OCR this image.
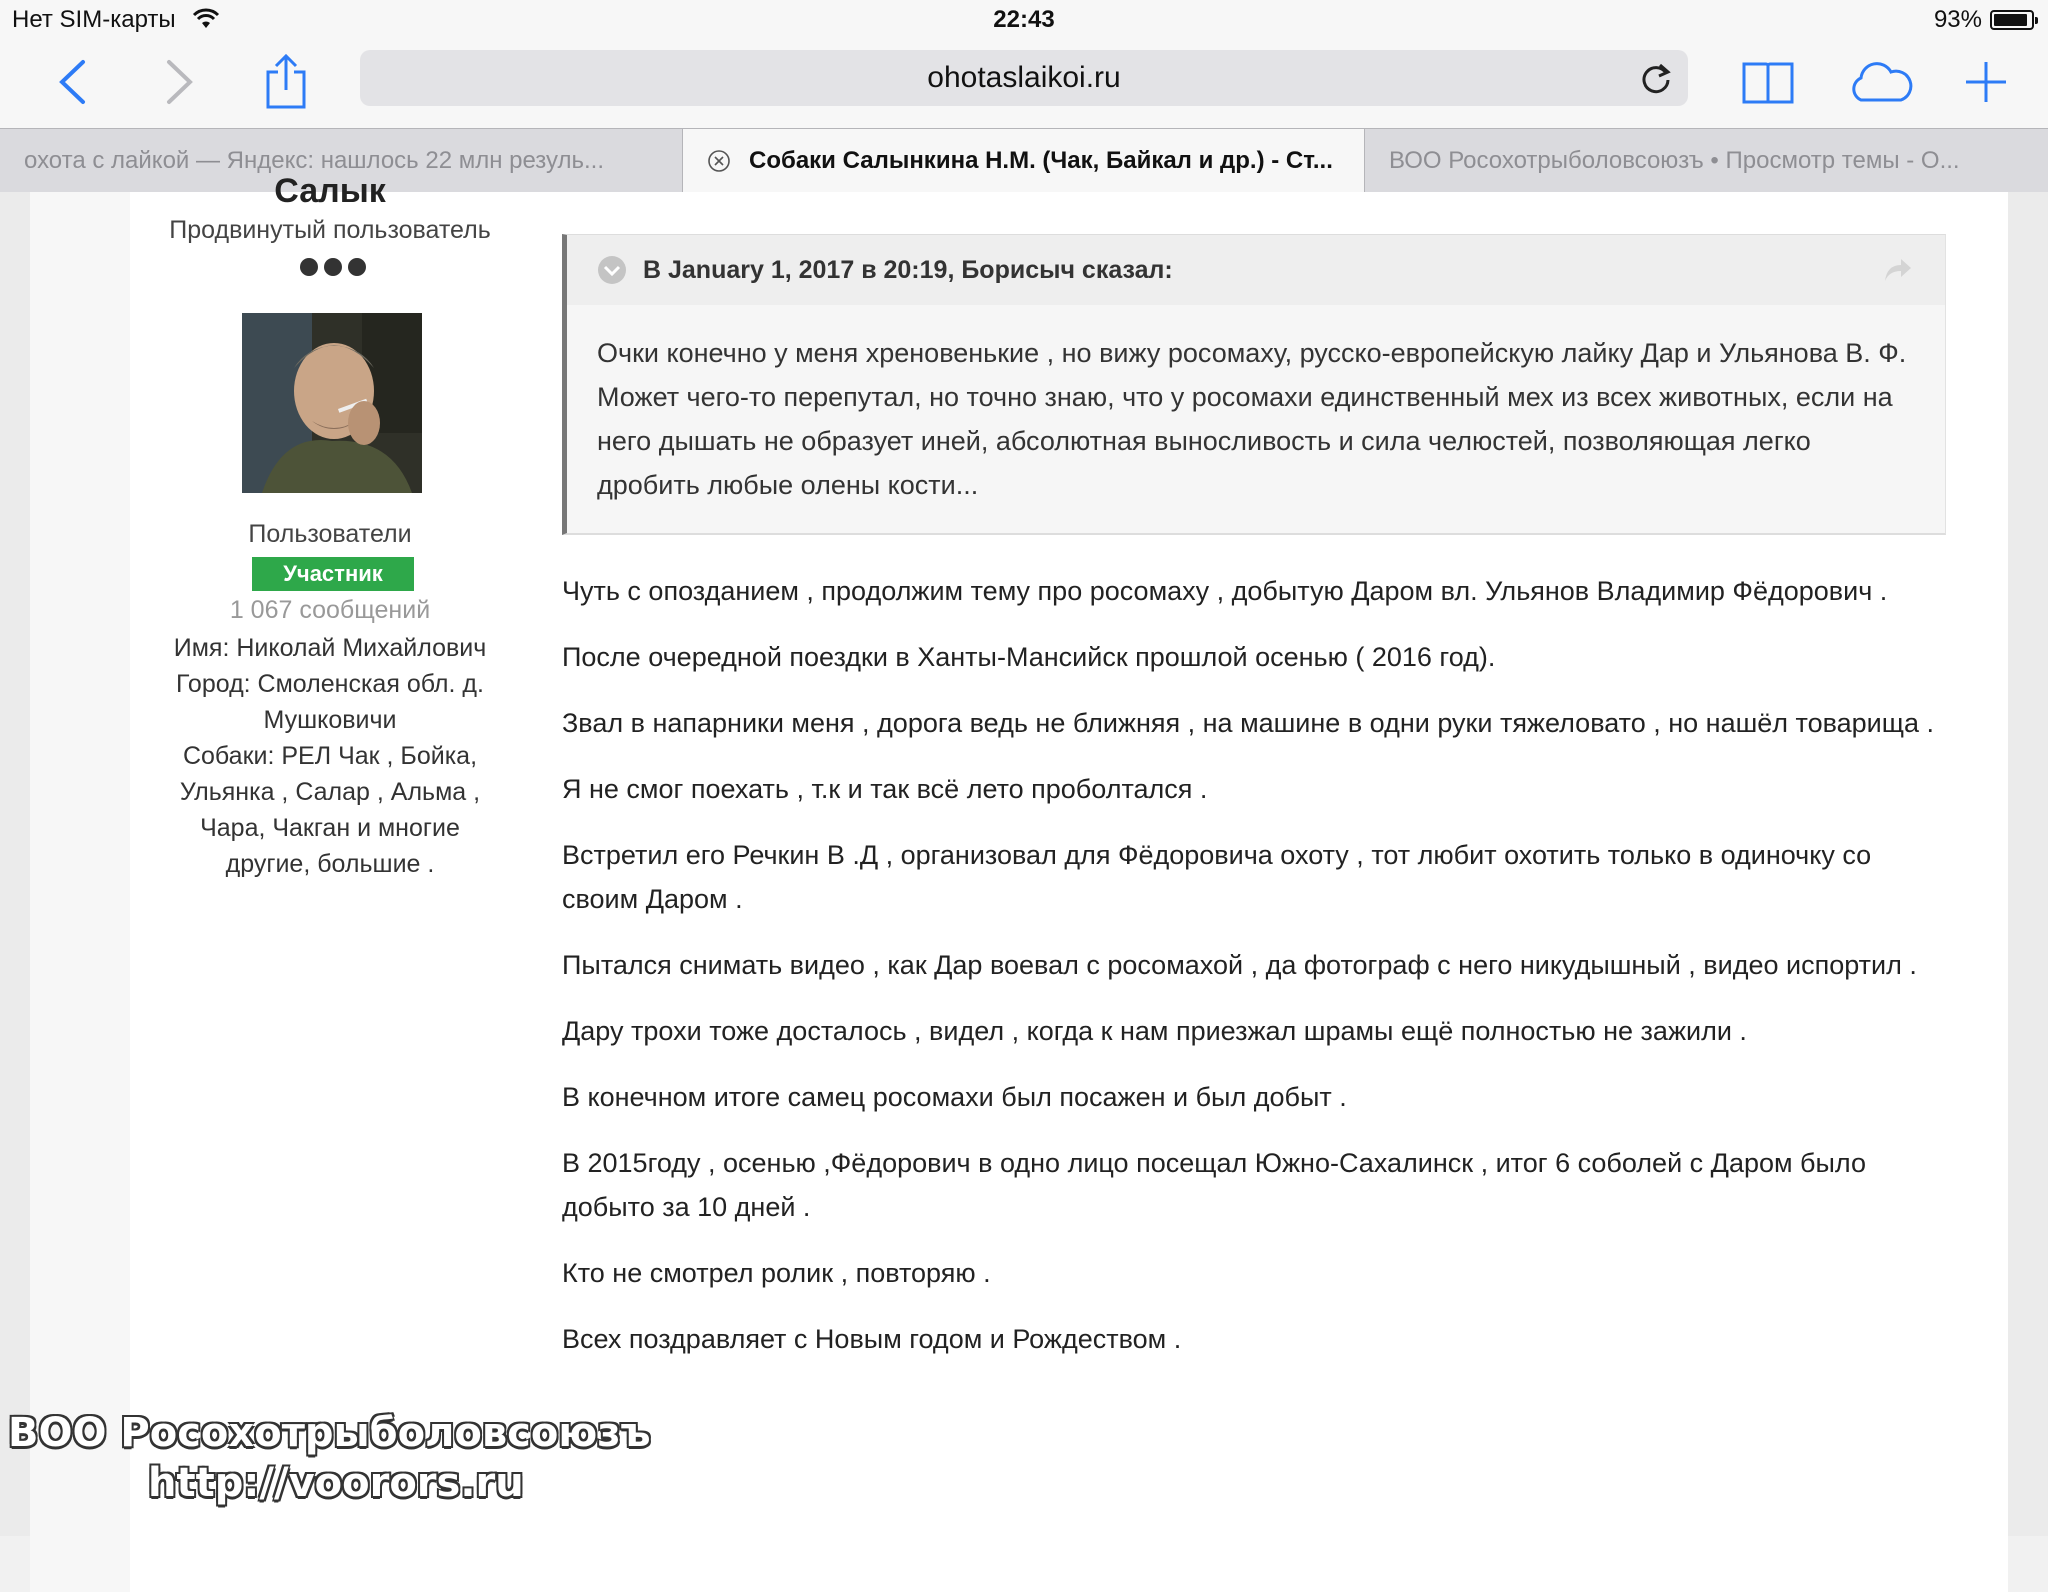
Нет SIM-карты	22:43	93%
ohotaslaikoi.ru
охота с лайкой — Яндекс: нашлось 22 млн резуль...	Собаки Салынкина Н.М. (Чак, Байкал и др.) - Ст... ВОО Росохотрыболовсоюзъ • Просмотр темы - О...
Салык
Продвинутый пользователь
Пользователи
Участник
1 067 сообщений
Имя: Николай Михайлович
Город: Смоленская обл. д. Мушковичи
Собаки: РЕЛ Чак , Бойка, Ульянка , Салар , Альма , Чара, Чакган и многие другие, большие .
В January 1, 2017 в 20:19, Борисыч сказал:
Очки конечно у меня хреновенькие , но вижу росомаху, русско-европейскую лайку Дар и Ульянова В. Ф. Может чего-то перепутал, но точно знаю, что у росомахи единственный мех из всех животных, если на него дышать не образует иней, абсолютная выносливость и сила челюстей, позволяющая легко дробить любые олены кости...

Чуть с опозданием , продолжим тему про росомаху , добытую Даром вл. Ульянов Владимир Фёдорович .

После очередной поездки в Ханты-Мансийск прошлой осенью ( 2016 год).

Звал в напарники меня , дорога ведь не ближняя , на машине в одни руки тяжеловато , но нашёл товарища .

Я не смог поехать , т.к и так всё лето проболтался .

Встретил его Речкин В .Д , организовал для Фёдоровича охоту , тот любит охотить только в одиночку со своим Даром .

Пытался снимать видео , как Дар воевал с росомахой , да фотограф с него никудышный , видео испортил .

Дару трохи тоже досталось , видел , когда к нам приезжал шрамы ещё полностью не зажили .

В конечном итоге самец росомахи был посажен и был добыт .

В 2015году , осенью ,Фёдорович в одно лицо посещал Южно-Сахалинск , итог 6 соболей с Даром было добыто за 10 дней .

Кто не смотрел ролик , повторяю .

Всех поздравляет с Новым годом и Рождеством .

ВОО Росохотрыболовсоюзъ
http://voorors.ru
